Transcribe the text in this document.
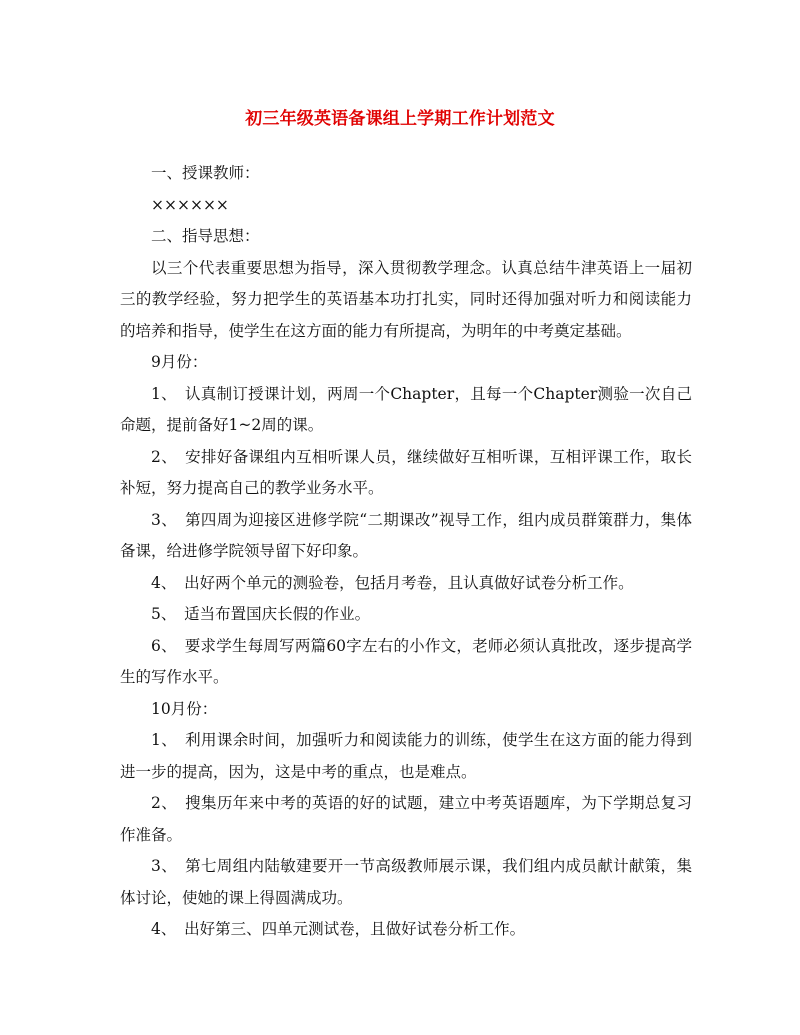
初三年级英语备课组上学期工作计划范文
一、授课教师：
××××××
二、指导思想：
以三个代表重要思想为指导，深入贯彻教学理念。认真总结牛津英语上一届初三的教学经验，努力把学生的英语基本功打扎实，同时还得加强对听力和阅读能力的培养和指导，使学生在这方面的能力有所提高，为明年的中考奠定基础。
9月份：
1、　认真制订授课计划，两周一个Chapter，且每一个Chapter测验一次自己命题，提前备好1~2周的课。
2、　安排好备课组内互相听课人员，继续做好互相听课，互相评课工作，取长补短，努力提高自己的教学业务水平。
3、　第四周为迎接区进修学院“二期课改”视导工作，组内成员群策群力，集体备课，给进修学院领导留下好印象。
4、　出好两个单元的测验卷，包括月考卷，且认真做好试卷分析工作。
5、　适当布置国庆长假的作业。
6、　要求学生每周写两篇60字左右的小作文，老师必须认真批改，逐步提高学生的写作水平。
10月份：
1、　利用课余时间，加强听力和阅读能力的训练，使学生在这方面的能力得到进一步的提高，因为，这是中考的重点，也是难点。
2、　搜集历年来中考的英语的好的试题，建立中考英语题库，为下学期总复习作准备。
3、　第七周组内陆敏建要开一节高级教师展示课，我们组内成员献计献策，集体讨论，使她的课上得圆满成功。
4、　出好第三、四单元测试卷，且做好试卷分析工作。
